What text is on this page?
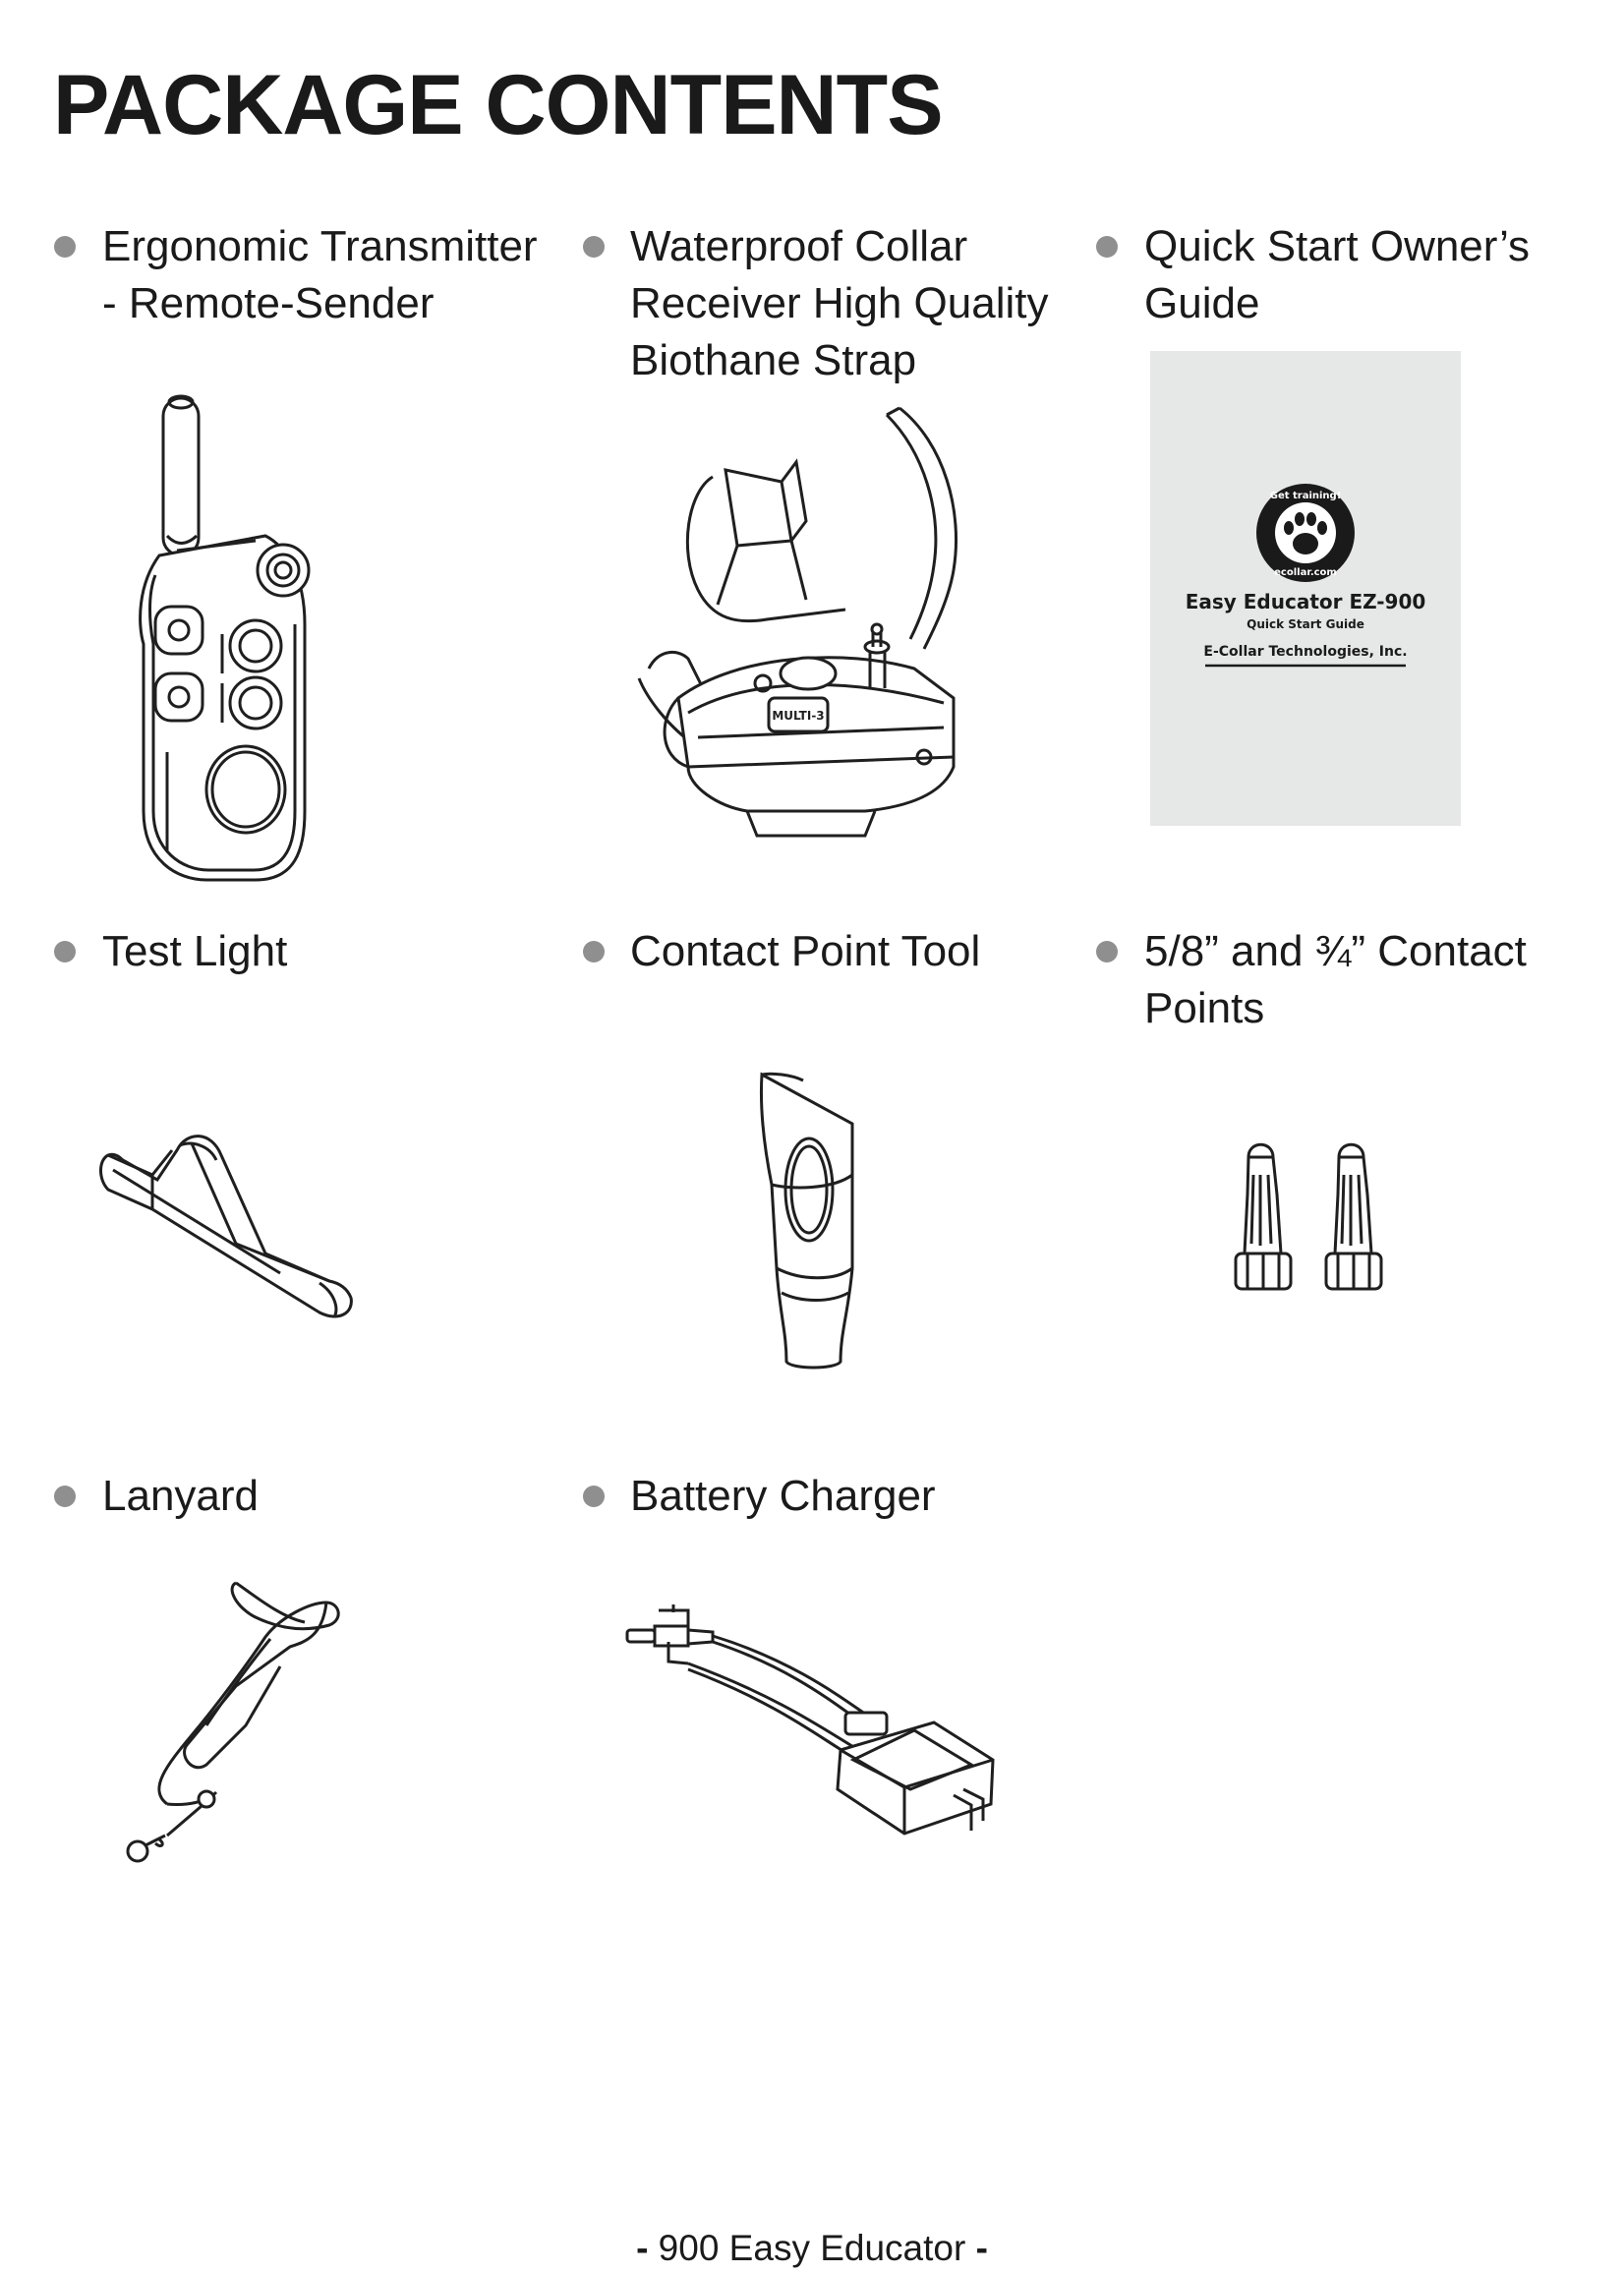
PACKAGE CONTENTS
Ergonomic Transmitter
- Remote-Sender
Waterproof Collar
Receiver High Quality
Biothane Strap
Quick Start Owner’s
Guide
MULTI-3
Get training!
ecollar.com
Easy Educator EZ-900
Quick Start Guide
E-Collar Technologies, Inc.
Test Light	Contact Point Tool	5/8” and ¾” Contact
Points
Lanyard	Battery Charger
- 900 Easy Educator -
